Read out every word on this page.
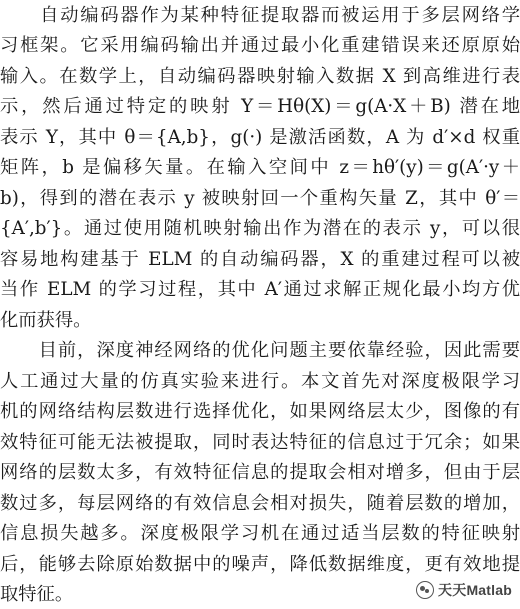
　　自动编码器作为某种特征提取器而被运用于多层网络学
习框架。它采用编码输出并通过最小化重建错误来还原原始
输入。在数学上，自动编码器映射输入数据 X 到高维进行表
示，然后通过特定的映射 Y＝Hθ(X)＝g(A·X＋B) 潜在地
表示 Y，其中 θ＝{A,b}，g(·) 是激活函数，A 为 d′×d 权重
矩阵，b 是偏移矢量。在输入空间中 z＝hθ′(y)＝g(A′·y＋
b)，得到的潜在表示 y 被映射回一个重构矢量 Z，其中 θ′＝
{A′,b′}。通过使用随机映射输出作为潜在的表示 y，可以很
容易地构建基于 ELM 的自动编码器，X 的重建过程可以被
当作 ELM 的学习过程，其中 A′通过求解正规化最小均方优
化而获得。
　　目前，深度神经网络的优化问题主要依靠经验，因此需要
人工通过大量的仿真实验来进行。本文首先对深度极限学习
机的网络结构层数进行选择优化，如果网络层太少，图像的有
效特征可能无法被提取，同时表达特征的信息过于冗余；如果
网络的层数太多，有效特征信息的提取会相对增多，但由于层
数过多，每层网络的有效信息会相对损失，随着层数的增加，
信息损失越多。深度极限学习机在通过适当层数的特征映射
后，能够去除原始数据中的噪声，降低数据维度，更有效地提
取特征。	天天Matlab
